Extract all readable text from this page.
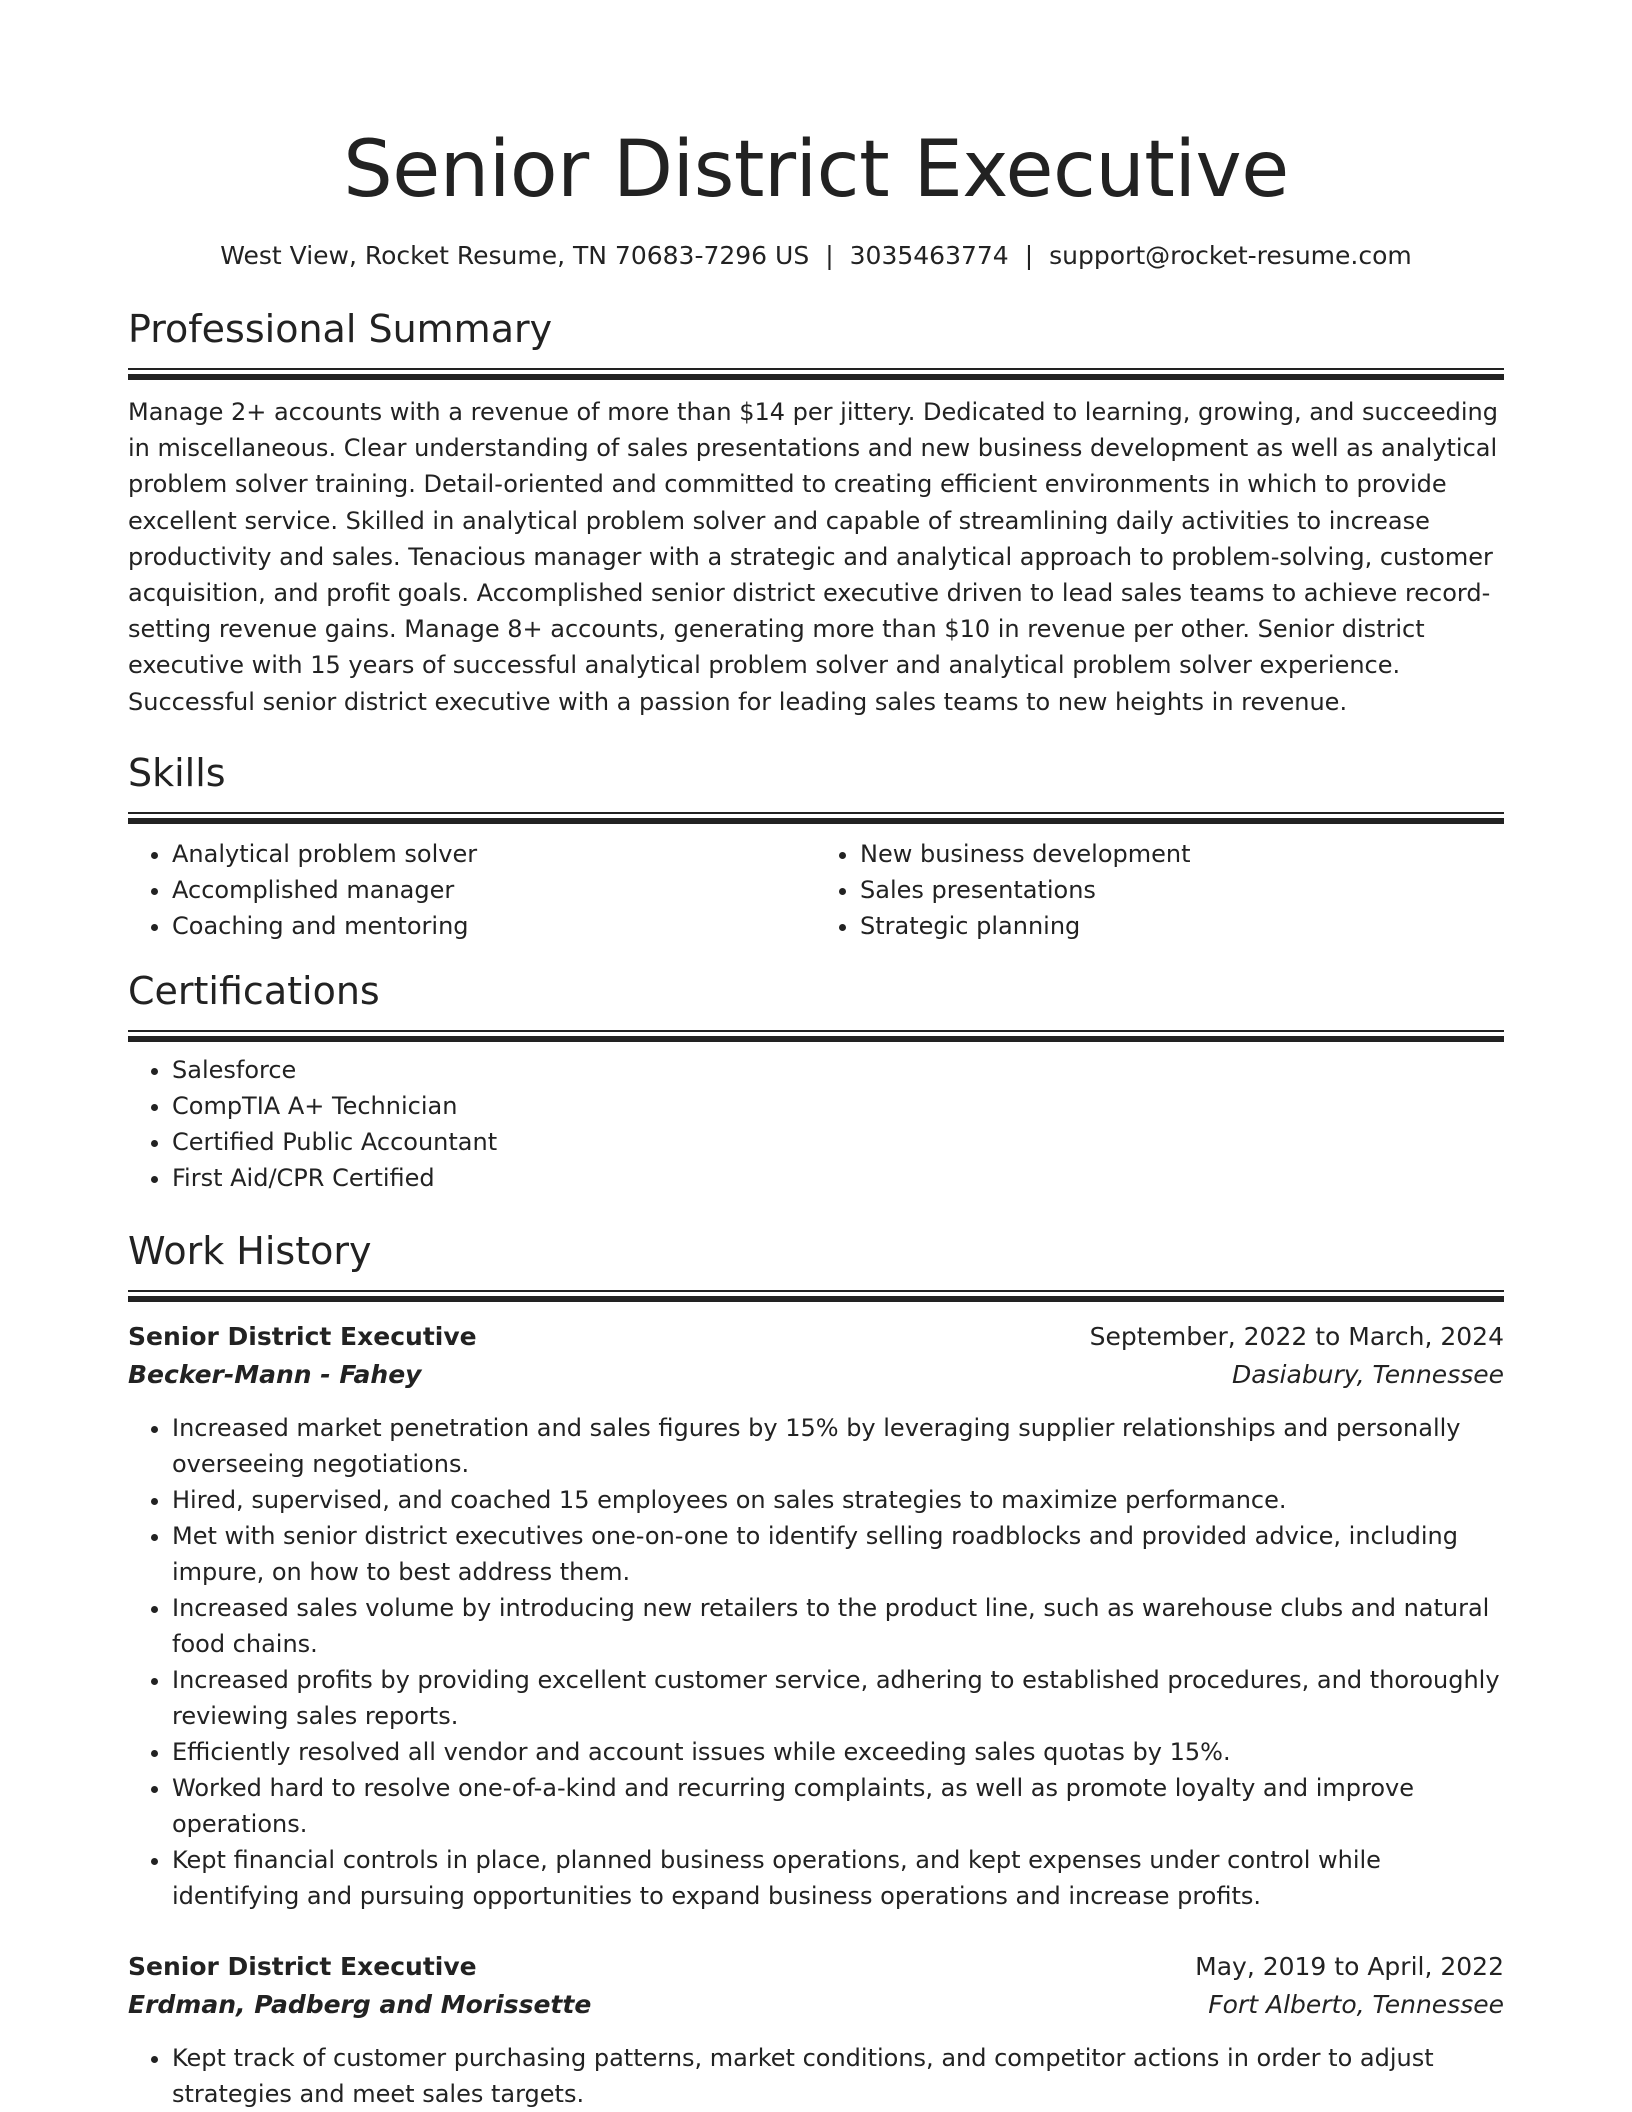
Senior District Executive
West View, Rocket Resume, TN 70683-7296 US | 3035463774 | support@rocket-resume.com
Professional Summary

Manage 2+ accounts with a revenue of more than $14 per jittery. Dedicated to learning, growing, and succeeding in miscellaneous. Clear understanding of sales presentations and new business development as well as analytical problem solver training. Detail-oriented and committed to creating efficient environments in which to provide excellent service. Skilled in analytical problem solver and capable of streamlining daily activities to increase productivity and sales. Tenacious manager with a strategic and analytical approach to problem-solving, customer acquisition, and profit goals. Accomplished senior district executive driven to lead sales teams to achieve record-setting revenue gains. Manage 8+ accounts, generating more than $10 in revenue per other. Senior district executive with 15 years of successful analytical problem solver and analytical problem solver experience. Successful senior district executive with a passion for leading sales teams to new heights in revenue.

Skills
• Analytical problem solver
• Accomplished manager
• Coaching and mentoring
• New business development
• Sales presentations
• Strategic planning
Certifications
• Salesforce
• CompTIA A+ Technician
• Certified Public Accountant
• First Aid/CPR Certified
Work History
Senior District Executive	September, 2022 to March, 2024
Becker-Mann - Fahey	Dasiabury, Tennessee
• Increased market penetration and sales figures by 15% by leveraging supplier relationships and personally overseeing negotiations.
• Hired, supervised, and coached 15 employees on sales strategies to maximize performance.
• Met with senior district executives one-on-one to identify selling roadblocks and provided advice, including impure, on how to best address them.
• Increased sales volume by introducing new retailers to the product line, such as warehouse clubs and natural food chains.
• Increased profits by providing excellent customer service, adhering to established procedures, and thoroughly reviewing sales reports.
• Efficiently resolved all vendor and account issues while exceeding sales quotas by 15%.
• Worked hard to resolve one-of-a-kind and recurring complaints, as well as promote loyalty and improve operations.
• Kept financial controls in place, planned business operations, and kept expenses under control while identifying and pursuing opportunities to expand business operations and increase profits.
Senior District Executive	May, 2019 to April, 2022
Erdman, Padberg and Morissette	Fort Alberto, Tennessee
• Kept track of customer purchasing patterns, market conditions, and competitor actions in order to adjust strategies and meet sales targets.
